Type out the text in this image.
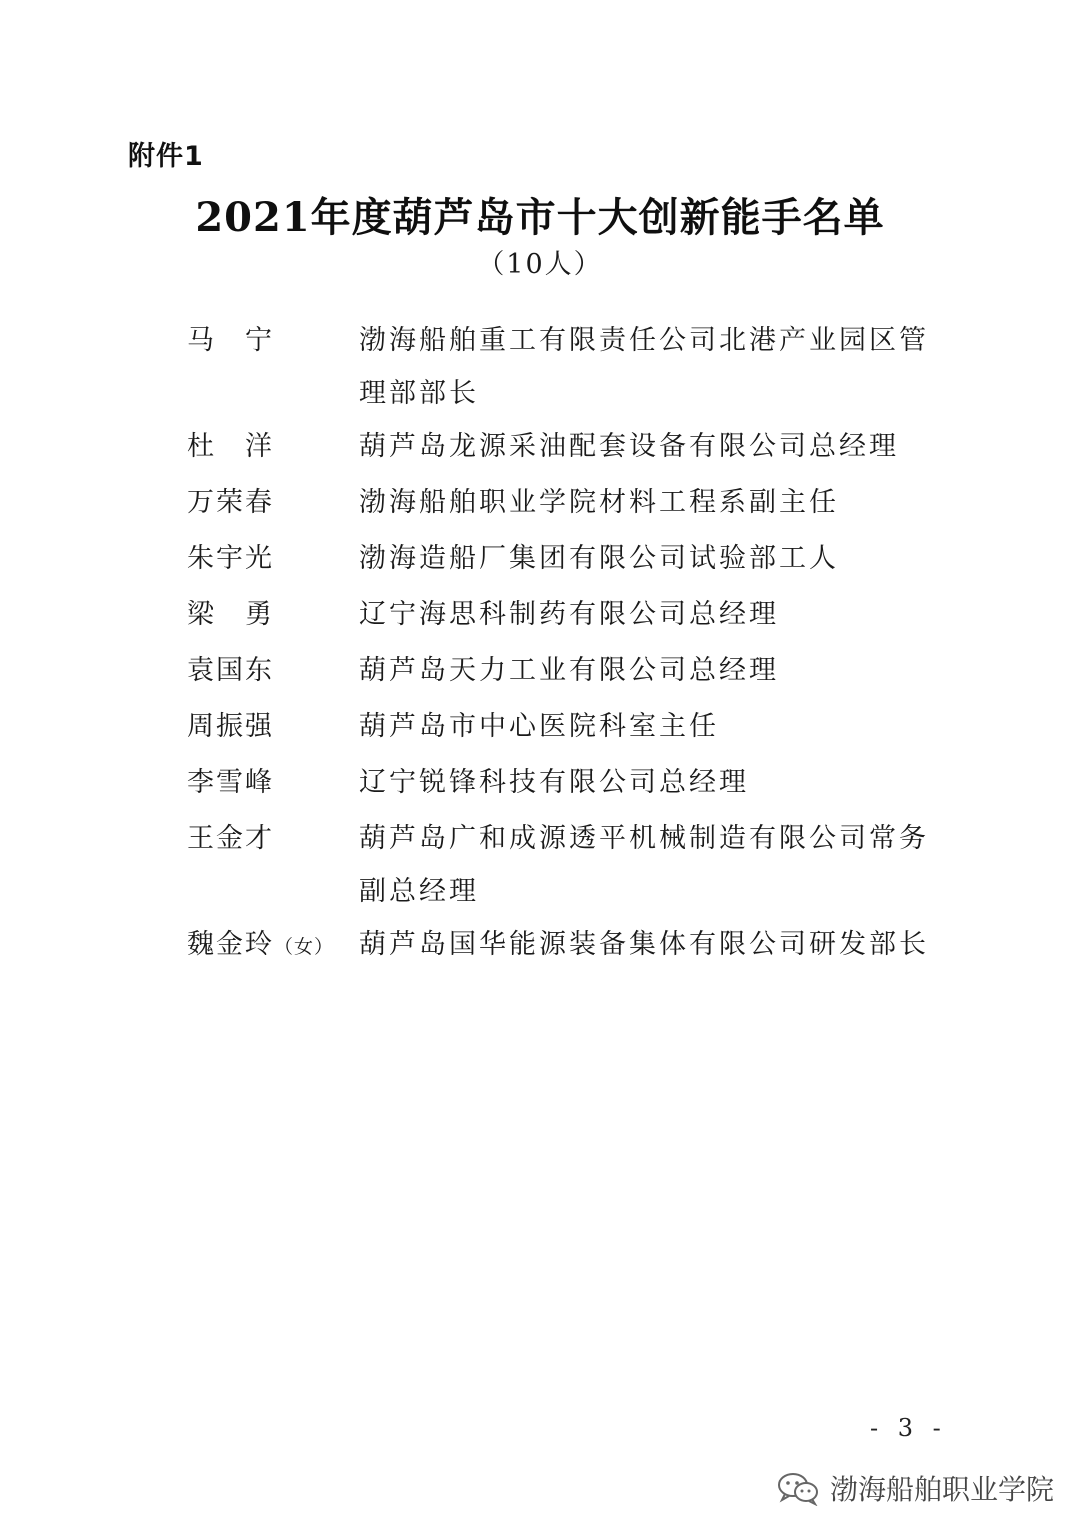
附件1
2021年度葫芦岛市十大创新能手名单
（10人）
马　宁	渤海船舶重工有限责任公司北港产业园区管理部部长
杜　洋	葫芦岛龙源采油配套设备有限公司总经理
万荣春	渤海船舶职业学院材料工程系副主任
朱宇光	渤海造船厂集团有限公司试验部工人
梁　勇	辽宁海思科制药有限公司总经理
袁国东	葫芦岛天力工业有限公司总经理
周振强	葫芦岛市中心医院科室主任
李雪峰	辽宁锐锋科技有限公司总经理
王金才	葫芦岛广和成源透平机械制造有限公司常务副总经理
魏金玲（女） 葫芦岛国华能源装备集体有限公司研发部长
- 3 -
渤海船舶职业学院
